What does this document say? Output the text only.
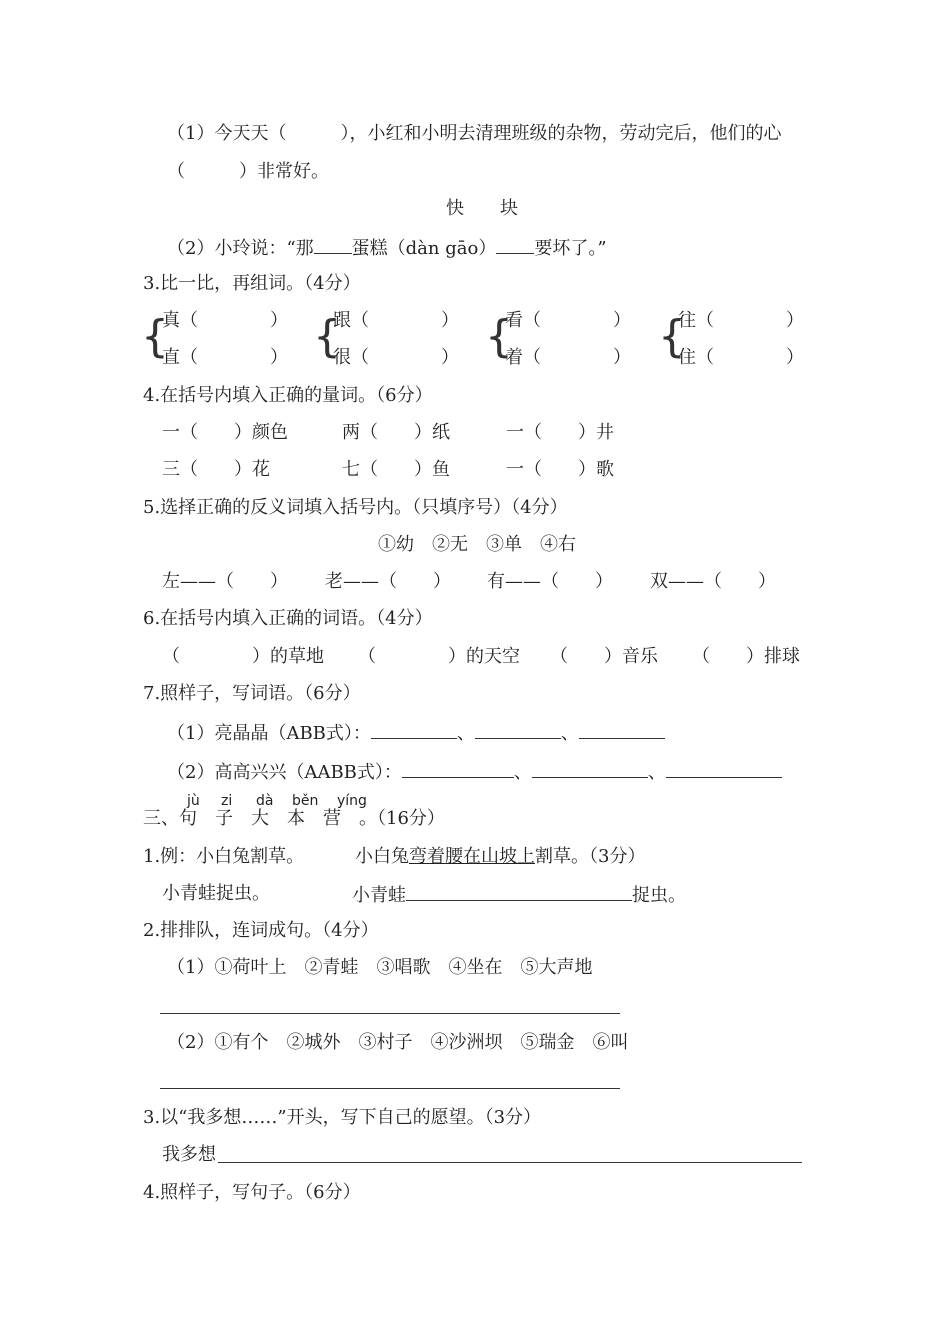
（1）今天天（　　　），小红和小明去清理班级的杂物，劳动完后，他们的心
（　　　）非常好。
快　　块
（2）小玲说：“那 蛋糕（dàn gāo） 要坏了。”
3.比一比，再组词。（4分）
{
真（　　　　）
直（　　　　） {
跟（　　　　）
很（　　　　） {
看（　　　　）
着（　　　　） {
往（　　　　）
住（　　　　）
4.在括号内填入正确的量词。（6分）
一（　　）颜色	两（　　）纸	一（　　）井
三（　　）花	七（　　）鱼	一（　　）歌
5.选择正确的反义词填入括号内。（只填序号）（4分）
①幼　②无　③单　④右
左——（　　） 老——（　　） 有——（　　） 双——（　　）
6.在括号内填入正确的词语。（4分）
（　　　　）的草地 （　　　　）的天空 （　　）音乐 （　　）排球
7.照样子，写词语。（6分）
（1）亮晶晶（ABB式）：	、	、
（2）高高兴兴（AABB式）：	、	、
jù zi dà běn yíng
三、句　子　大　本　营　。（16分）
1.例：小白兔割草。	小白兔弯着腰在山坡上割草。（3分）
小青蛙捉虫。	小青蛙	捉虫。
2.排排队，连词成句。（4分）
（1）①荷叶上　②青蛙　③唱歌　④坐在　⑤大声地
（2）①有个　②城外　③村子　④沙洲坝　⑤瑞金　⑥叫
3.以“我多想……”开头，写下自己的愿望。（3分）
我多想
4.照样子，写句子。（6分）
